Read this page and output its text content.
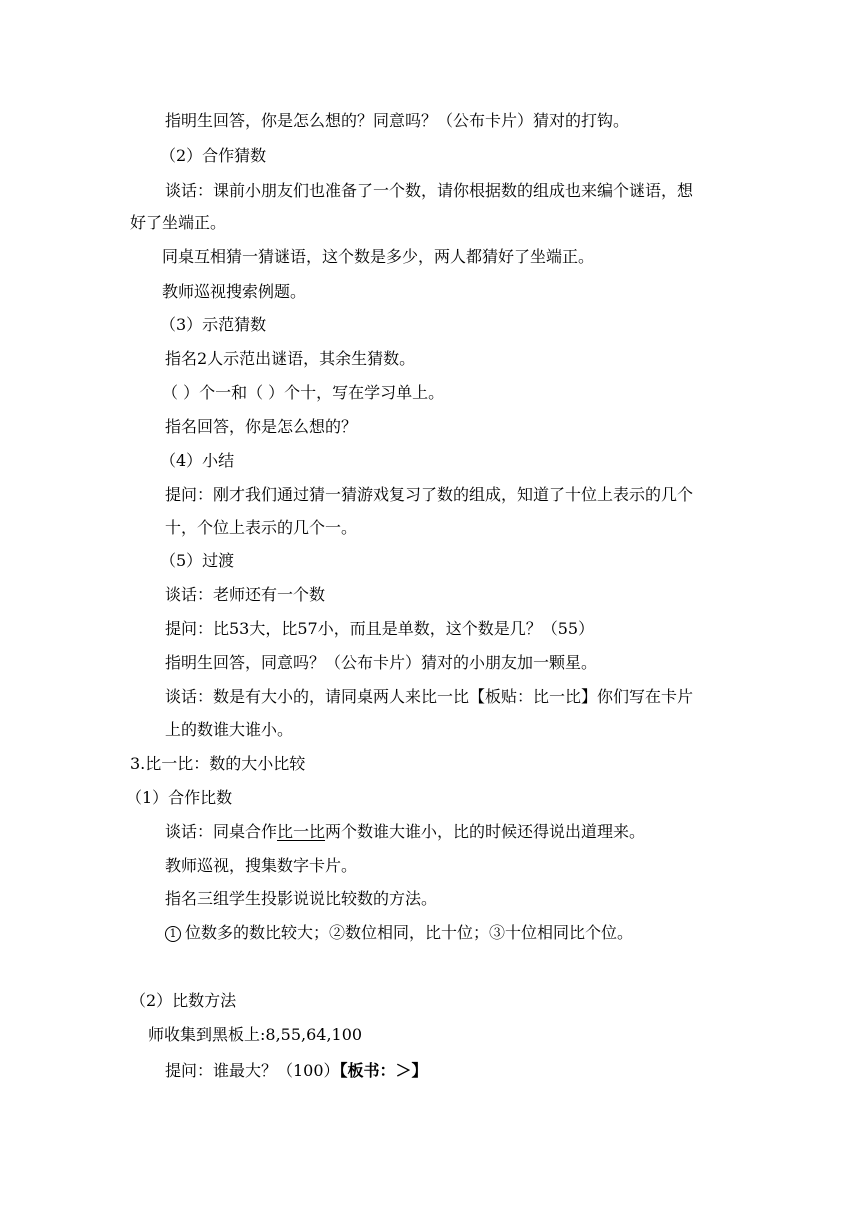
指明生回答，你是怎么想的？同意吗？（公布卡片）猜对的打钩。
（2）合作猜数
谈话：课前小朋友们也准备了一个数，请你根据数的组成也来编个谜语，想
好了坐端正。
同桌互相猜一猜谜语，这个数是多少，两人都猜好了坐端正。
教师巡视搜索例题。
（3）示范猜数
指名2人示范出谜语，其余生猜数。
（ ）个一和（ ）个十，写在学习单上。
指名回答，你是怎么想的？
（4）小结
提问：刚才我们通过猜一猜游戏复习了数的组成，知道了十位上表示的几个
十，个位上表示的几个一。
（5）过渡
谈话：老师还有一个数
提问：比53大，比57小，而且是单数，这个数是几？（55）
指明生回答，同意吗？（公布卡片）猜对的小朋友加一颗星。
谈话：数是有大小的，请同桌两人来比一比【板贴：比一比】你们写在卡片
上的数谁大谁小。
3.比一比：数的大小比较
（1）合作比数
谈话：同桌合作比一比两个数谁大谁小，比的时候还得说出道理来。
教师巡视，搜集数字卡片。
指名三组学生投影说说比较数的方法。
1 位数多的数比较大；②数位相同，比十位；③十位相同比个位。
（2）比数方法
师收集到黑板上:8,55,64,100
提问：谁最大？（100）【板书：＞】
